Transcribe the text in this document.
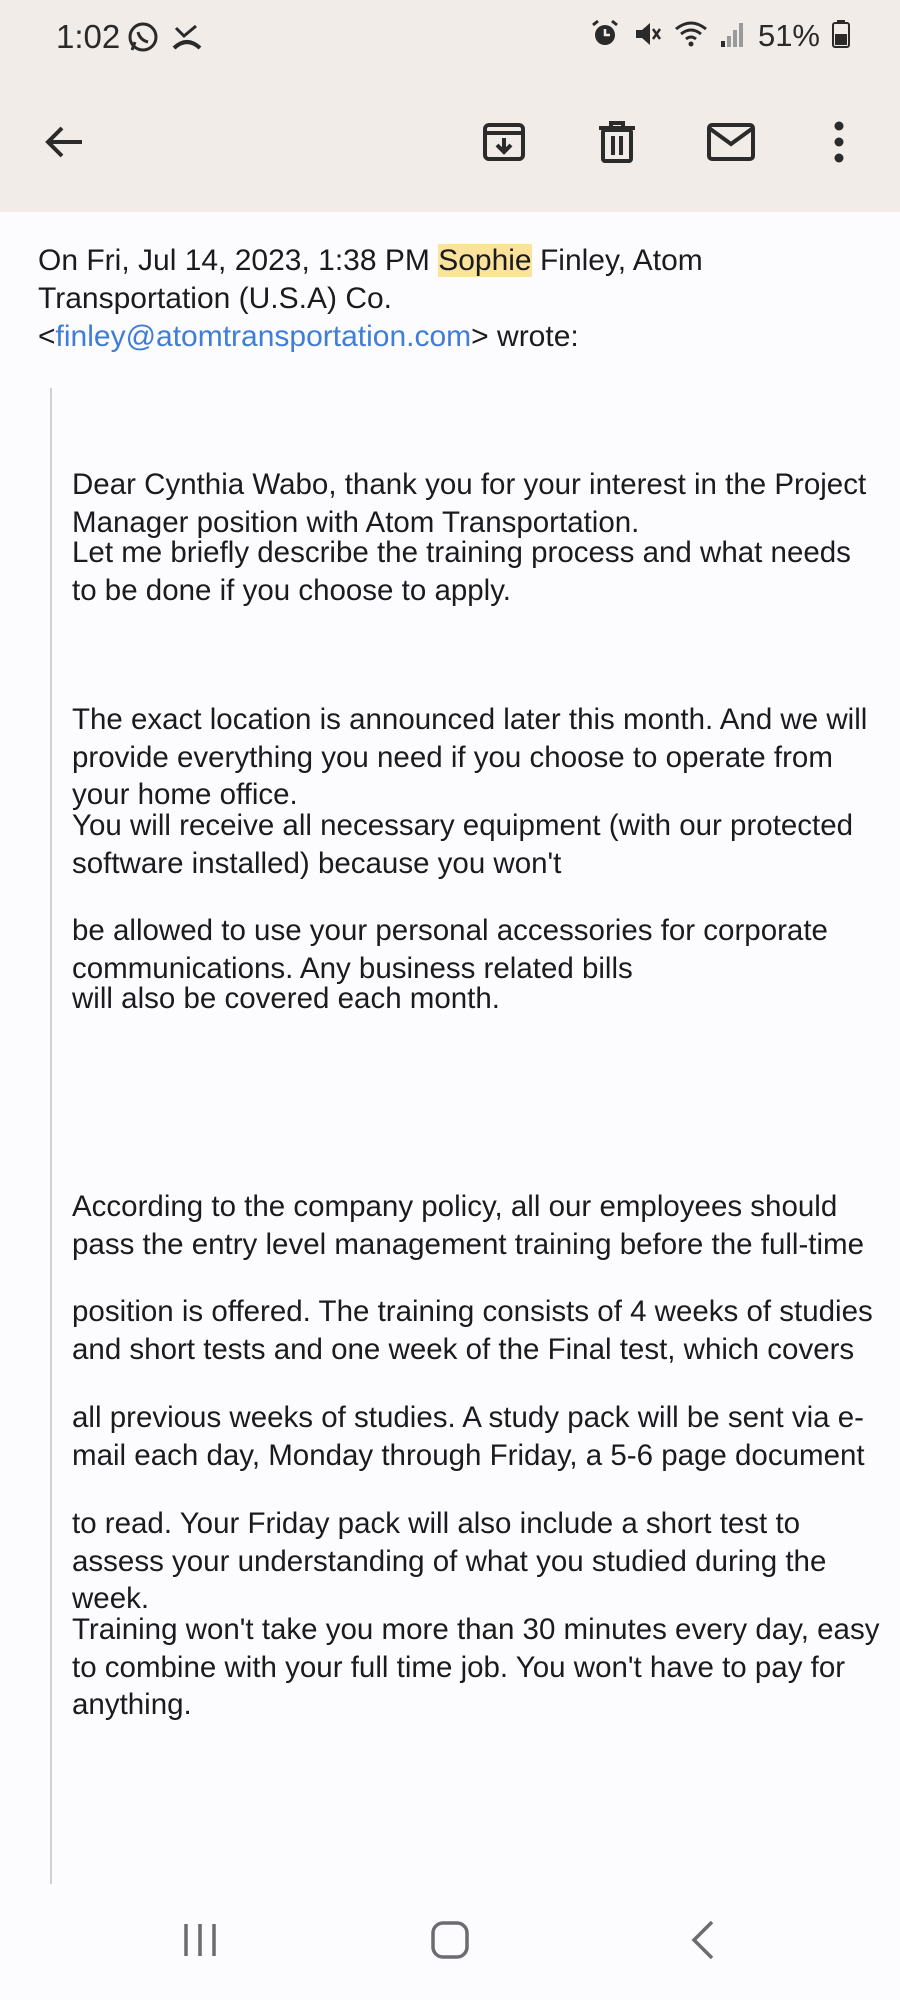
1:02	51%
On Fri, Jul 14, 2023, 1:38 PM Sophie Finley, Atom Transportation (U.S.A) Co.
<finley@atomtransportation.com> wrote:
Dear Cynthia Wabo, thank you for your interest in the Project Manager position with Atom Transportation.
Let me briefly describe the training process and what needs to be done if you choose to apply.
The exact location is announced later this month. And we will provide everything you need if you choose to operate from your home office.
You will receive all necessary equipment (with our protected software installed) because you won't
be allowed to use your personal accessories for corporate communications. Any business related bills
will also be covered each month.
According to the company policy, all our employees should pass the entry level management training before the full-time
position is offered. The training consists of 4 weeks of studies and short tests and one week of the Final test, which covers
all previous weeks of studies. A study pack will be sent via e-mail each day, Monday through Friday, a 5-6 page document
to read. Your Friday pack will also include a short test to assess your understanding of what you studied during the week.
Training won't take you more than 30 minutes every day, easy to combine with your full time job. You won't have to pay for anything.
